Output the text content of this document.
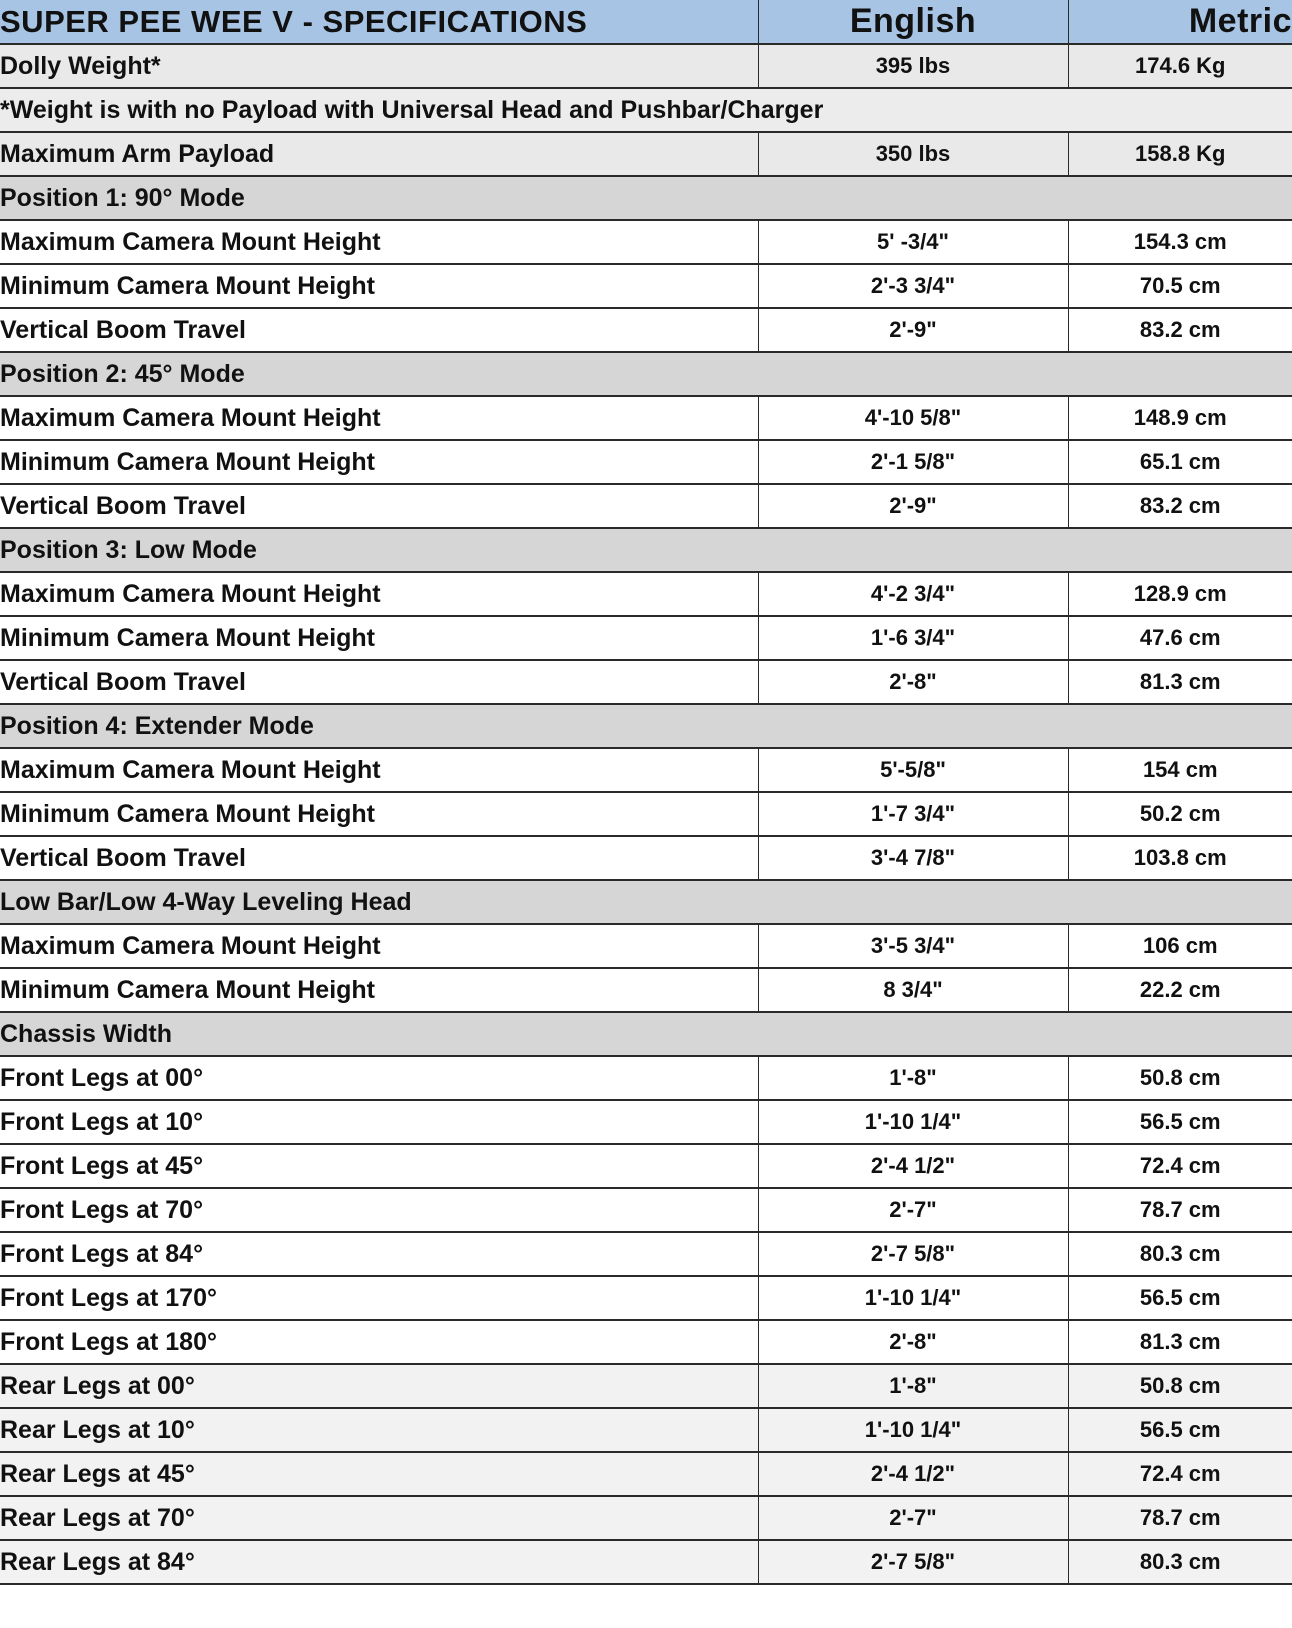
SUPER PEE WEE V - SPECIFICATIONS	English	Metric
Dolly Weight*	395 lbs	174.6 Kg
*Weight is with no Payload with Universal Head and Pushbar/Charger		
Maximum Arm Payload	350 lbs	158.8 Kg
Position 1: 90° Mode		
Maximum Camera Mount Height	5' -3/4"	154.3 cm
Minimum Camera Mount Height	2'-3 3/4"	70.5 cm
Vertical Boom Travel	2'-9"	83.2 cm
Position 2: 45° Mode		
Maximum Camera Mount Height	4'-10 5/8"	148.9 cm
Minimum Camera Mount Height	2'-1 5/8"	65.1 cm
Vertical Boom Travel	2'-9"	83.2 cm
Position 3: Low Mode		
Maximum Camera Mount Height	4'-2 3/4"	128.9 cm
Minimum Camera Mount Height	1'-6 3/4"	47.6 cm
Vertical Boom Travel	2'-8"	81.3 cm
Position 4: Extender Mode		
Maximum Camera Mount Height	5'-5/8"	154 cm
Minimum Camera Mount Height	1'-7 3/4"	50.2 cm
Vertical Boom Travel	3'-4 7/8"	103.8 cm
Low Bar/Low 4-Way Leveling Head		
Maximum Camera Mount Height	3'-5 3/4"	106 cm
Minimum Camera Mount Height	8 3/4"	22.2 cm
Chassis Width		
Front Legs at 00°	1'-8"	50.8 cm
Front Legs at 10°	1'-10 1/4"	56.5 cm
Front Legs at 45°	2'-4 1/2"	72.4 cm
Front Legs at 70°	2'-7"	78.7 cm
Front Legs at 84°	2'-7 5/8"	80.3 cm
Front Legs at 170°	1'-10 1/4"	56.5 cm
Front Legs at 180°	2'-8"	81.3 cm
Rear Legs at 00°	1'-8"	50.8 cm
Rear Legs at 10°	1'-10 1/4"	56.5 cm
Rear Legs at 45°	2'-4 1/2"	72.4 cm
Rear Legs at 70°	2'-7"	78.7 cm
Rear Legs at 84°	2'-7 5/8"	80.3 cm
